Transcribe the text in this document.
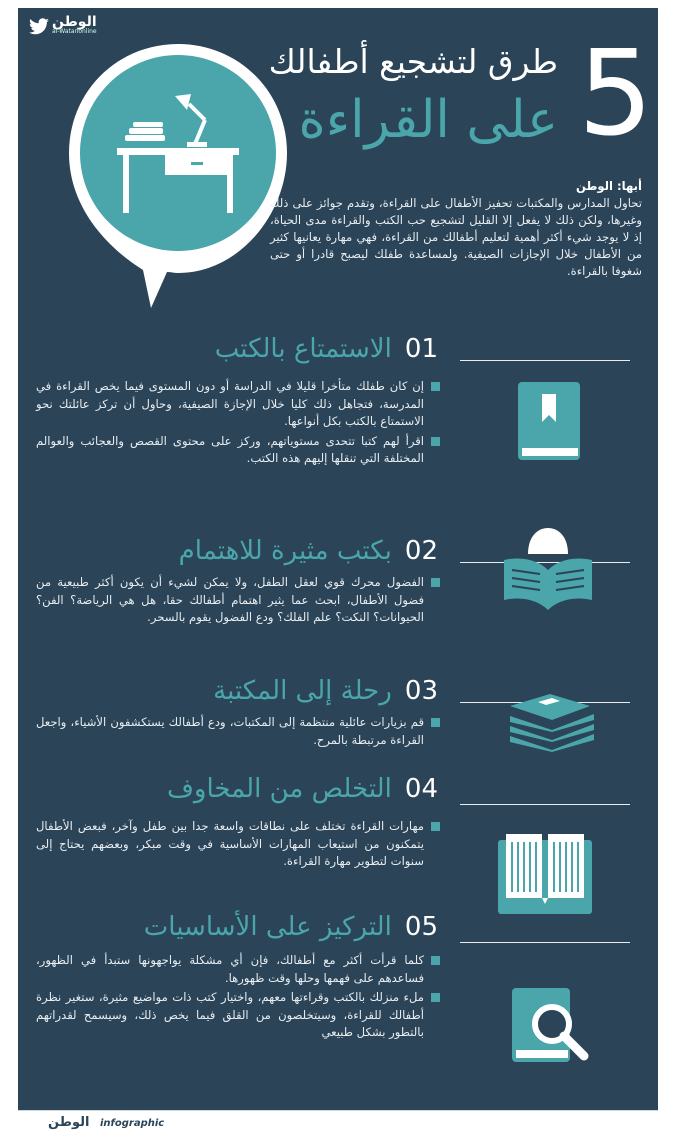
الوطن
al-Watanonline	5
طرق لتشجيع أطفالك
على القراءة
أبها: الوطن
تحاول المدارس والمكتبات تحفيز الأطفال على القراءة، وتقدم جوائز على ذلك وغيرها، ولكن ذلك لا يفعل إلا القليل لتشجيع حب الكتب والقراءة مدى الحياة، إذ لا يوجد شيء أكثر أهمية لتعليم أطفالك من القراءة، فهي مهارة يعانيها كثير من الأطفال خلال الإجازات الصيفية. ولمساعدة طفلك ليصبح قادرا أو حتى شغوفا بالقراءة.
01 الاستمتاع بالكتب
إن كان طفلك متأخرا قليلا في الدراسة أو دون المستوى فيما يخص القراءة في المدرسة، فتجاهل ذلك كليا خلال الإجازة الصيفية، وحاول أن تركز عائلتك نحو الاستمتاع بالكتب بكل أنواعها.
اقرأ لهم كتبا تتحدى مستوياتهم، وركز على محتوى القصص والعجائب والعوالم المختلفة التي تنقلها إليهم هذه الكتب.
02 بكتب مثيرة للاهتمام
الفضول محرك قوي لعقل الطفل، ولا يمكن لشيء أن يكون أكثر طبيعية من فضول الأطفال، ابحث عما يثير اهتمام أطفالك حقا، هل هي الرياضة؟ الفن؟ الحيوانات؟ النكت؟ علم الفلك؟ ودع الفضول يقوم بالسحر.
03 رحلة إلى المكتبة
قم بزيارات عائلية منتظمة إلى المكتبات، ودع أطفالك يستكشفون الأشياء، واجعل القراءة مرتبطة بالمرح.
04 التخلص من المخاوف
مهارات القراءة تختلف على نطاقات واسعة جدا بين طفل وآخر، فبعض الأطفال يتمكنون من استيعاب المهارات الأساسية في وقت مبكر، وبعضهم يحتاج إلى سنوات لتطوير مهارة القراءة.
05 التركيز على الأساسيات
كلما قرأت أكثر مع أطفالك، فإن أي مشكلة يواجهونها ستبدأ في الظهور، فساعدهم على فهمها وحلها وقت ظهورها.
ملء منزلك بالكتب وقراءتها معهم، واختيار كتب ذات مواضيع مثيرة، ستغير نظرة أطفالك للقراءة، وسيتخلصون من القلق فيما يخص ذلك، وسيسمح لقدراتهم بالتطور بشكل طبيعي
الوطن infographic
